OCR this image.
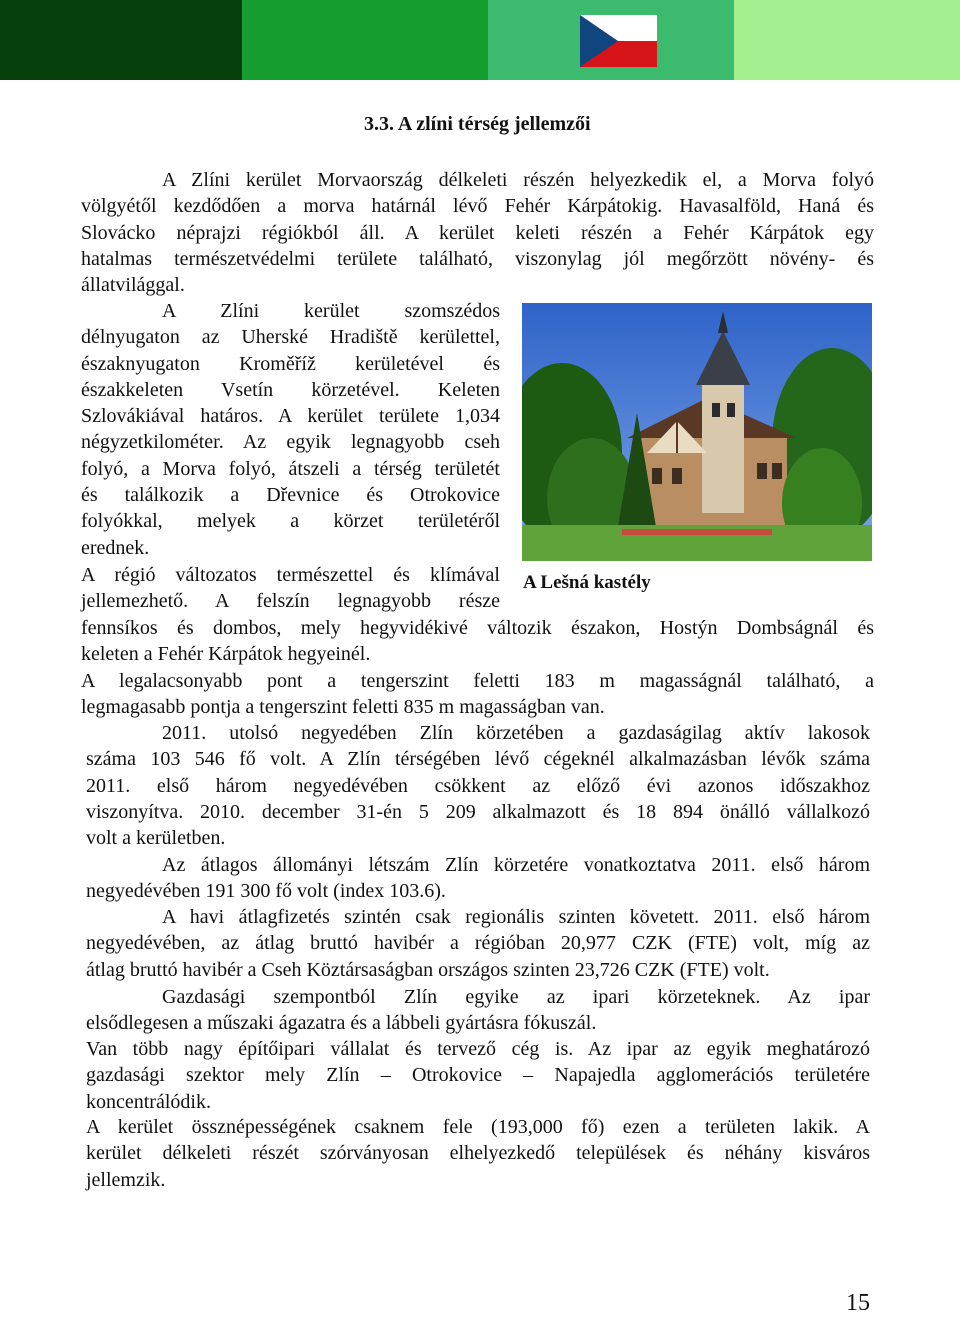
3.3. A zlíni térség jellemzői
A Zlíni kerület Morvaország délkeleti részén helyezkedik el, a Morva folyó
völgyétől kezdődően a morva határnál lévő Fehér Kárpátokig. Havasalföld, Haná és
Slovácko néprajzi régiókból áll. A kerület keleti részén a Fehér Kárpátok egy
hatalmas természetvédelmi területe található, viszonylag jól megőrzött növény- és
állatvilággal.
A Zlíni kerület szomszédos
délnyugaton az Uherské Hradiště kerülettel,
északnyugaton Kroměříž kerületével és
északkeleten Vsetín körzetével. Keleten
Szlovákiával határos. A kerület területe 1,034
négyzetkilométer. Az egyik legnagyobb cseh
folyó, a Morva folyó, átszeli a térség területét
és találkozik a Dřevnice és Otrokovice
folyókkal, melyek a körzet területéről
erednek.

A Lešná kastély

A régió változatos természettel és klímával
jellemezhető. A felszín legnagyobb része
fennsíkos és dombos, mely hegyvidékivé változik északon, Hostýn Dombságnál és
keleten a Fehér Kárpátok hegyeinél.
A legalacsonyabb pont a tengerszint feletti 183 m magasságnál található, a
legmagasabb pontja a tengerszint feletti 835 m magasságban van.
2011. utolsó negyedében Zlín körzetében a gazdaságilag aktív lakosok
száma 103 546 fő volt. A Zlín térségében lévő cégeknél alkalmazásban lévők száma
2011. első három negyedévében csökkent az előző évi azonos időszakhoz
viszonyítva. 2010. december 31-én 5 209 alkalmazott és 18 894 önálló vállalkozó
volt a kerületben.
Az átlagos állományi létszám Zlín körzetére vonatkoztatva 2011. első három
negyedévében 191 300 fő volt (index 103.6).
A havi átlagfizetés szintén csak regionális szinten követett. 2011. első három
negyedévében, az átlag bruttó havibér a régióban 20,977 CZK (FTE) volt, míg az
átlag bruttó havibér a Cseh Köztársaságban országos szinten 23,726 CZK (FTE) volt.
Gazdasági szempontból Zlín egyike az ipari körzeteknek. Az ipar
elsődlegesen a műszaki ágazatra és a lábbeli gyártásra fókuszál.
Van több nagy építőipari vállalat és tervező cég is. Az ipar az egyik meghatározó
gazdasági szektor mely Zlín – Otrokovice – Napajedla agglomerációs területére
koncentrálódik.
A kerület össznépességének csaknem fele (193,000 fő) ezen a területen lakik. A
kerület délkeleti részét szórványosan elhelyezkedő települések és néhány kisváros
jellemzik.

15
